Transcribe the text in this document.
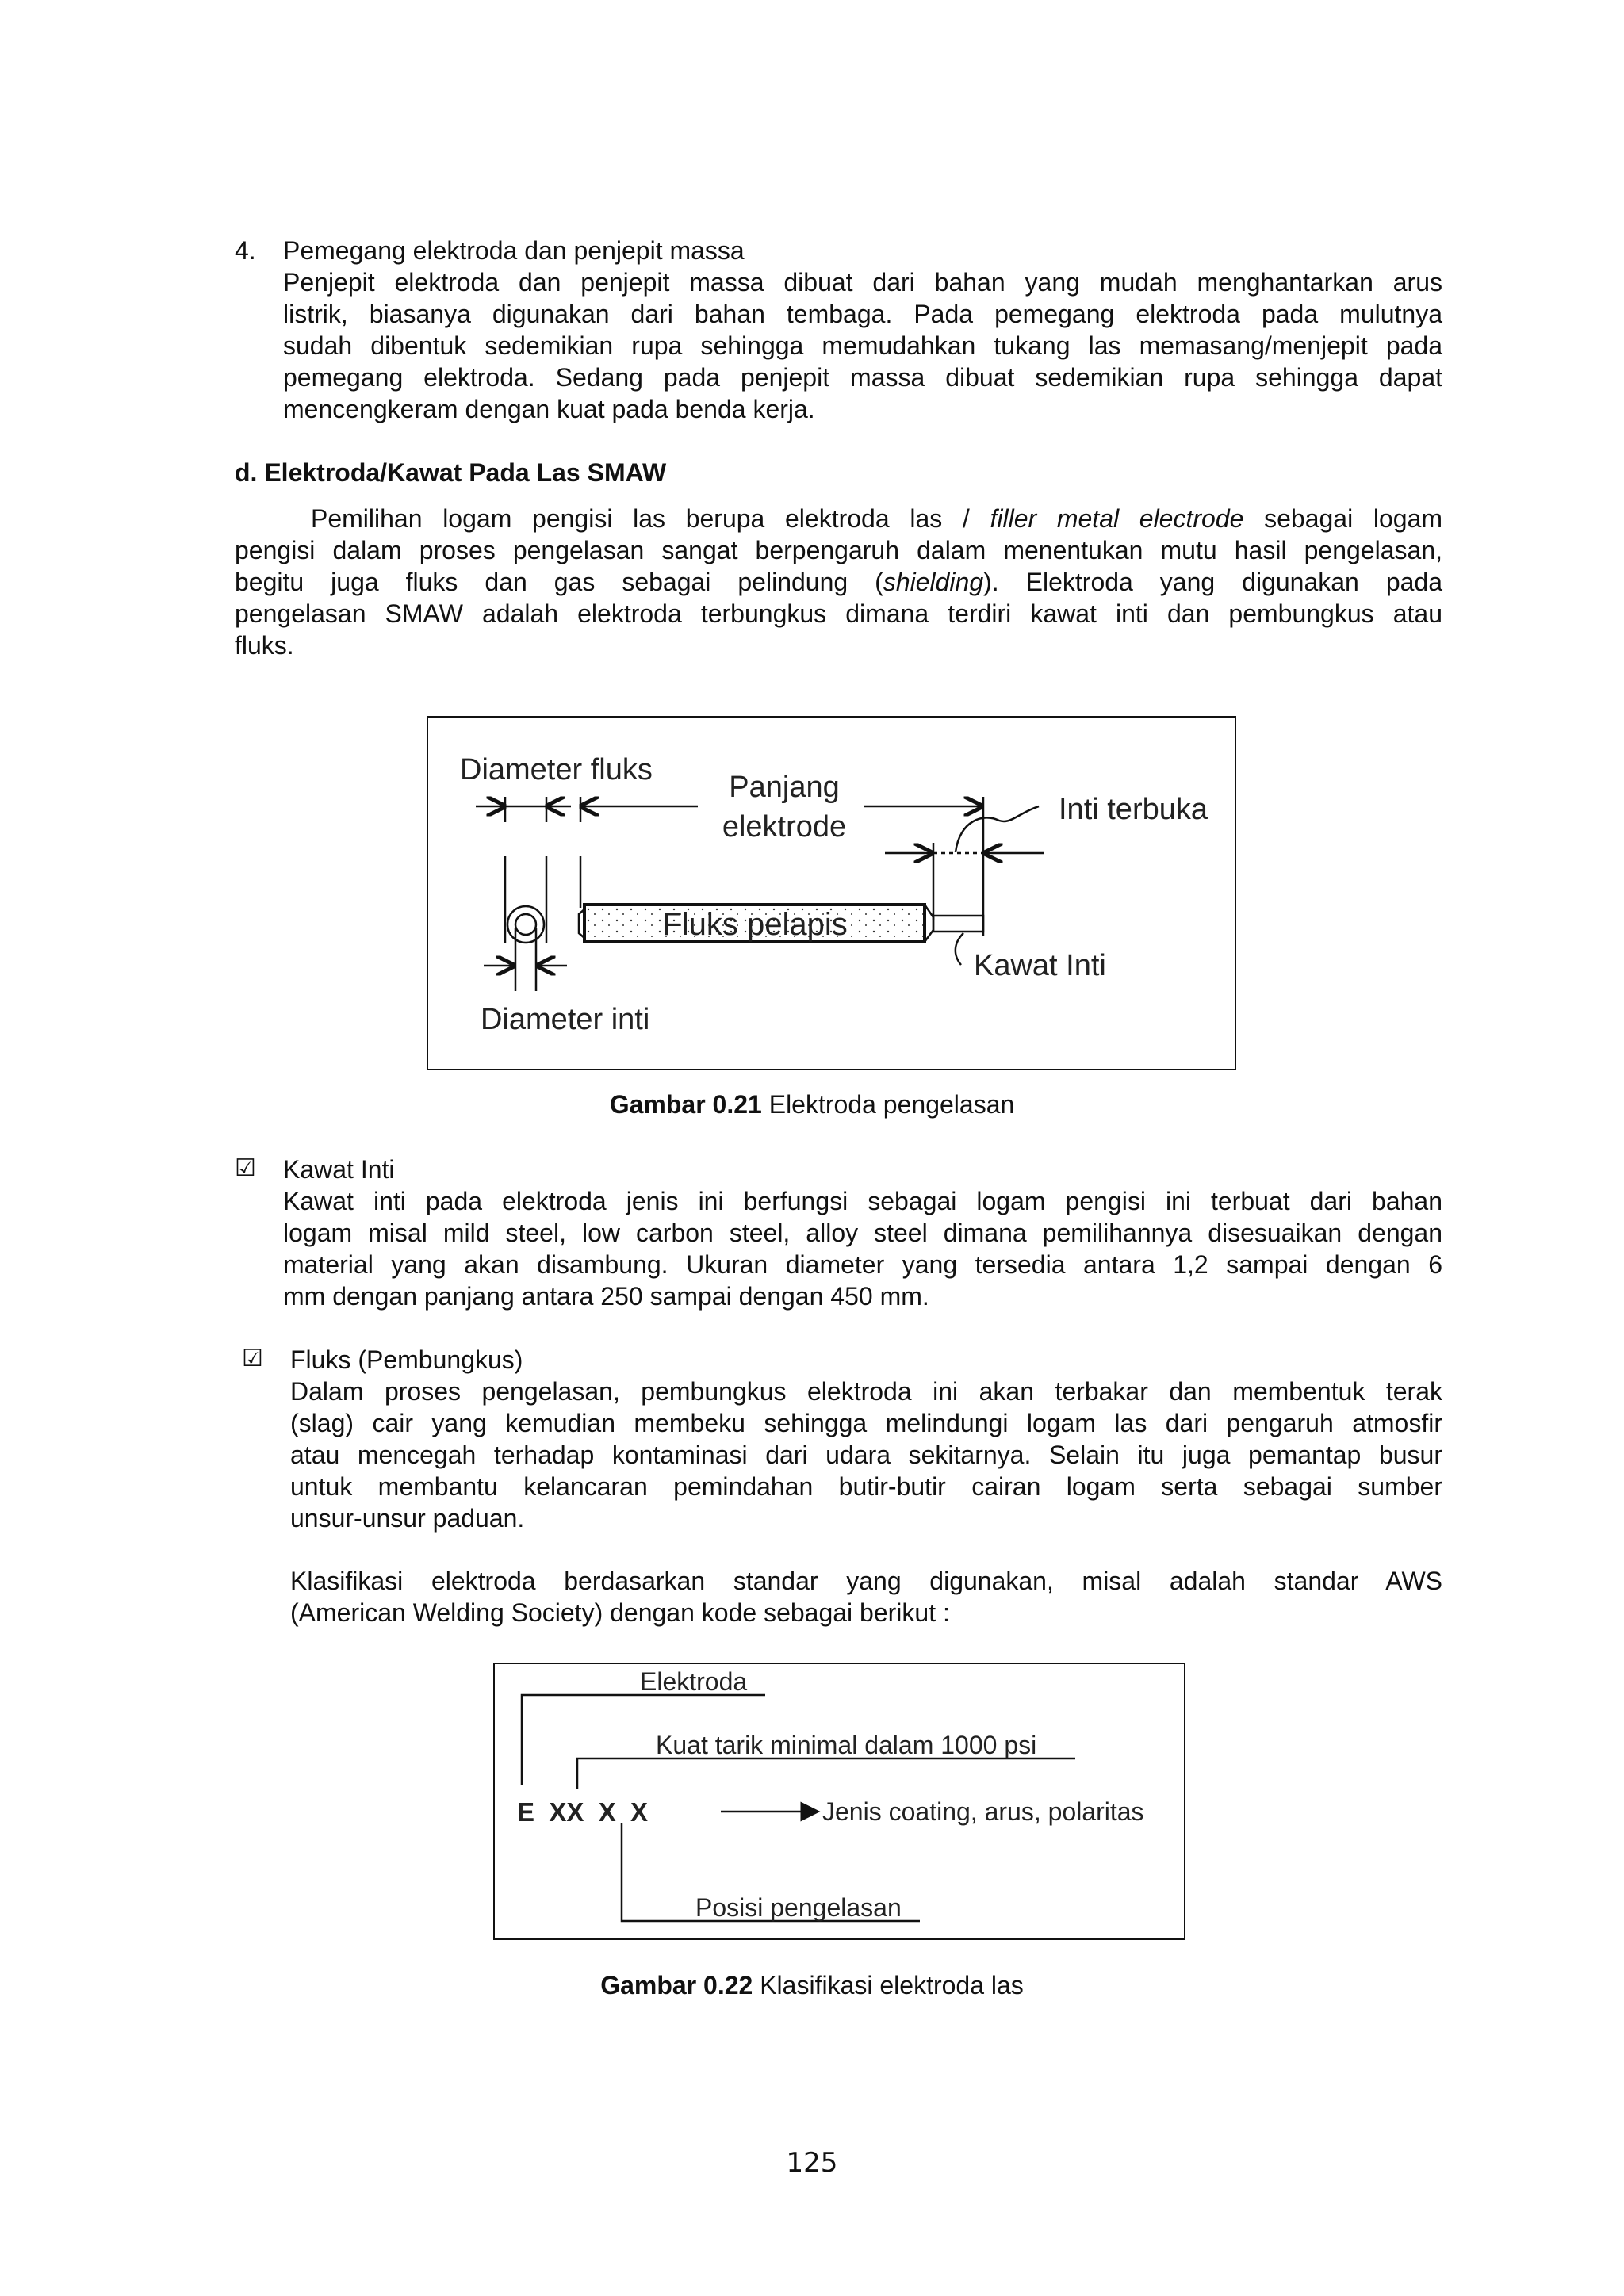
4. Pemegang elektroda dan penjepit massa
Penjepit elektroda dan penjepit massa dibuat dari bahan yang mudah menghantarkan arus
listrik, biasanya digunakan dari bahan tembaga. Pada pemegang elektroda pada mulutnya
sudah dibentuk sedemikian rupa sehingga memudahkan tukang las memasang/menjepit pada
pemegang elektroda. Sedang pada penjepit massa dibuat sedemikian rupa sehingga dapat
mencengkeram dengan kuat pada benda kerja.
d. Elektroda/Kawat Pada Las SMAW
Pemilihan logam pengisi las berupa elektroda las / filler metal electrode sebagai logam
pengisi dalam proses pengelasan sangat berpengaruh dalam menentukan mutu hasil pengelasan,
begitu juga fluks dan gas sebagai pelindung (shielding). Elektroda yang digunakan pada
pengelasan SMAW adalah elektroda terbungkus dimana terdiri kawat inti dan pembungkus atau
fluks.
Diameter fluks
Panjang
elektrode
Inti terbuka
Fluks pelapis
Kawat Inti
Diameter inti
Gambar 0.21 Elektroda pengelasan
☑ Kawat Inti
Kawat inti pada elektroda jenis ini berfungsi sebagai logam pengisi ini terbuat dari bahan
logam misal mild steel, low carbon steel, alloy steel dimana pemilihannya disesuaikan dengan
material yang akan disambung. Ukuran diameter yang tersedia antara 1,2 sampai dengan 6
mm dengan panjang antara 250 sampai dengan 450 mm.
☑ Fluks (Pembungkus)
Dalam proses pengelasan, pembungkus elektroda ini akan terbakar dan membentuk terak
(slag) cair yang kemudian membeku sehingga melindungi logam las dari pengaruh atmosfir
atau mencegah terhadap kontaminasi dari udara sekitarnya. Selain itu juga pemantap busur
untuk membantu kelancaran pemindahan butir-butir cairan logam serta sebagai sumber
unsur-unsur paduan.
Klasifikasi elektroda berdasarkan standar yang digunakan, misal adalah standar AWS
(American Welding Society) dengan kode sebagai berikut :
Elektroda
Kuat tarik minimal dalam 1000 psi
E  XX  X  X	Jenis coating, arus, polaritas
Posisi pengelasan
Gambar 0.22 Klasifikasi elektroda las
125
